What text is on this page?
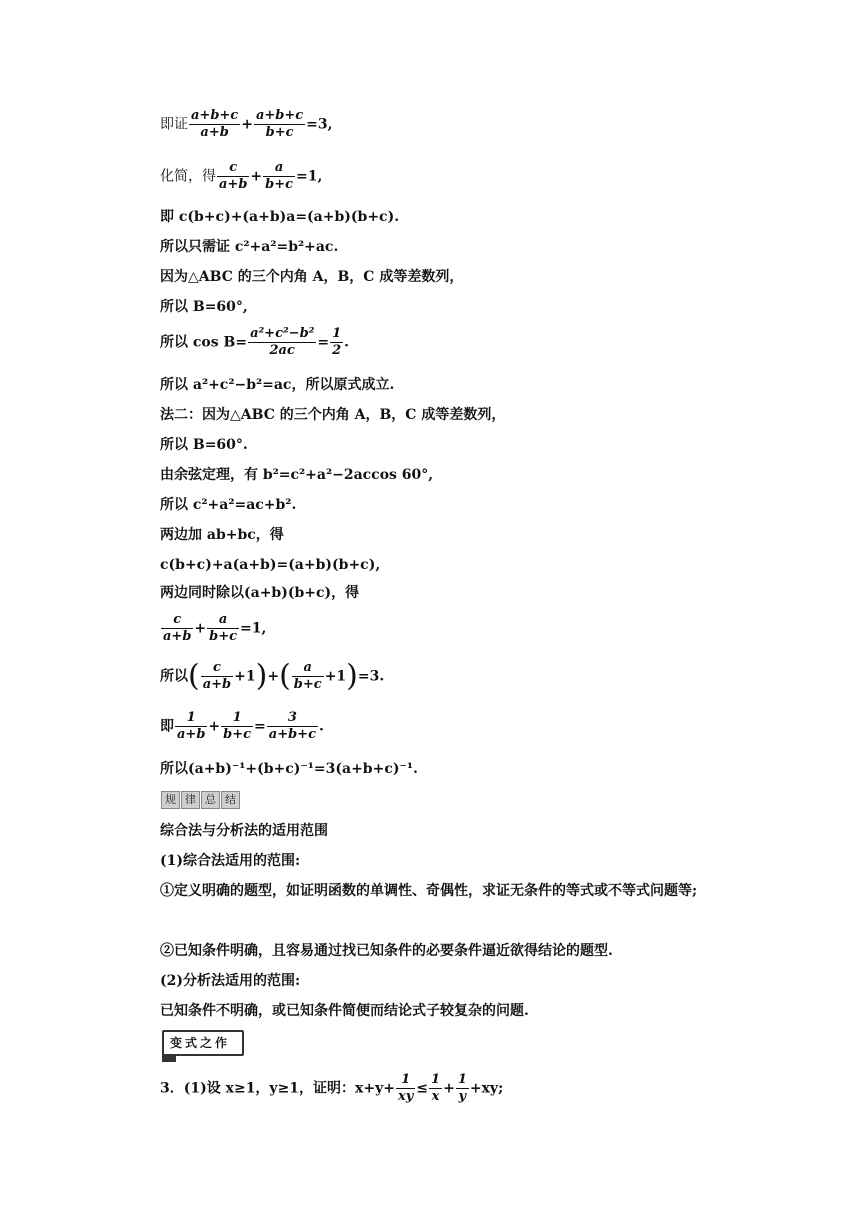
即证 $\frac{a+b+c}{a+b} + \frac{a+b+c}{b+c} =3$,
化简，得 $\frac{c}{a+b} + \frac{a}{b+c} =1$,
即 c(b+c)+(a+b)a=(a+b)(b+c).
所以只需证 c²+a²=b²+ac.
因为△ABC 的三个内角 A，B，C 成等差数列，
所以 B=60°,
所以 $\cos B= \frac{\text{a²+c²−b²}}{2ac} = \frac{1}{2}$ .
所以 a²+c²−b²=ac，所以原式成立.
法二：因为△ABC 的三个内角 A，B，C 成等差数列，
所以 B=60°.
由余弦定理，有 b²=c²+a²−2accos 60°,
所以 c²+a²=ac+b².
两边加 ab+bc，得
c(b+c)+a(a+b)=(a+b)(b+c),
两边同时除以(a+b)(b+c)，得
$\frac{c}{a+b} + \frac{a}{b+c} =1$,
所以( $\frac{c}{a+b} +1)+( \frac{a}{b+c} +1)=3$.
即 $\frac{1}{a+b} + \frac{1}{b+c} = \frac{3}{a+b+c}$ .
所以(a+b)⁻¹+(b+c)⁻¹=3(a+b+c)⁻¹.
规 律 总 结
综合法与分析法的适用范围
(1)综合法适用的范围:
①定义明确的题型，如证明函数的单调性、奇偶性，求证无条件的等式或不等式问题等;
②已知条件明确，且容易通过找已知条件的必要条件逼近欲得结论的题型.
(2)分析法适用的范围:
已知条件不明确，或已知条件简便而结论式子较复杂的问题.
变式之作
3．(1)设 x≥1，y≥1，证明：$x+y+ \frac{1}{xy} \le \frac{1}{x} + \frac{1}{y} +xy$;
